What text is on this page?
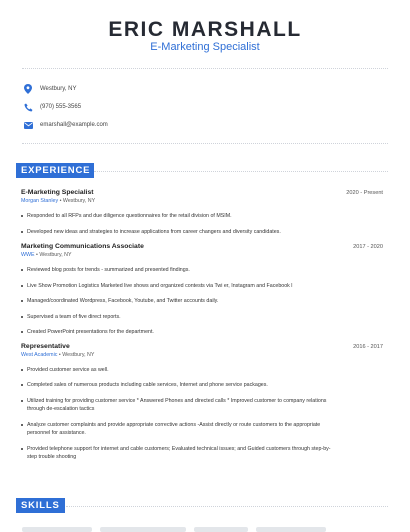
ERIC MARSHALL
E-Marketing Specialist
Westbury, NY
(970) 555-3565
emarshall@example.com
EXPERIENCE
E-Marketing Specialist	2020 - Present
Morgan Stanley • Westbury, NY
Responded to all RFPs and due diligence questionnaires for the retail division of MSIM.
Developed new ideas and strategies to increase applications from career changers and diversity candidates.
Marketing Communications Associate	2017 - 2020
WWE • Westbury, NY
Reviewed blog posts for trends - summarized and presented findings.
Live Show Promotion Logistics Marketed live shows and organized contests via Twi er, Instagram and Facebook l
Managed/coordinated Wordpress, Facebook, Youtube, and Twitter accounts daily.
Supervised a team of five direct reports.
Created PowerPoint presentations for the department.
Representative	2016 - 2017
West Academic • Westbury, NY
Provided customer service as well.
Completed sales of numerous products including cable services, Internet and phone service packages.
Utilized training for providing customer service * Answered Phones and directed calls * Improved customer to company relations
through de-escalation tactics
Analyze customer complaints and provide appropriate corrective actions -Assist directly or route customers to the appropriate
personnel for assistance.
Provided telephone support for internet and cable customers; Evaluated technical issues; and Guided customers through step-by-
step trouble shooting
SKILLS
